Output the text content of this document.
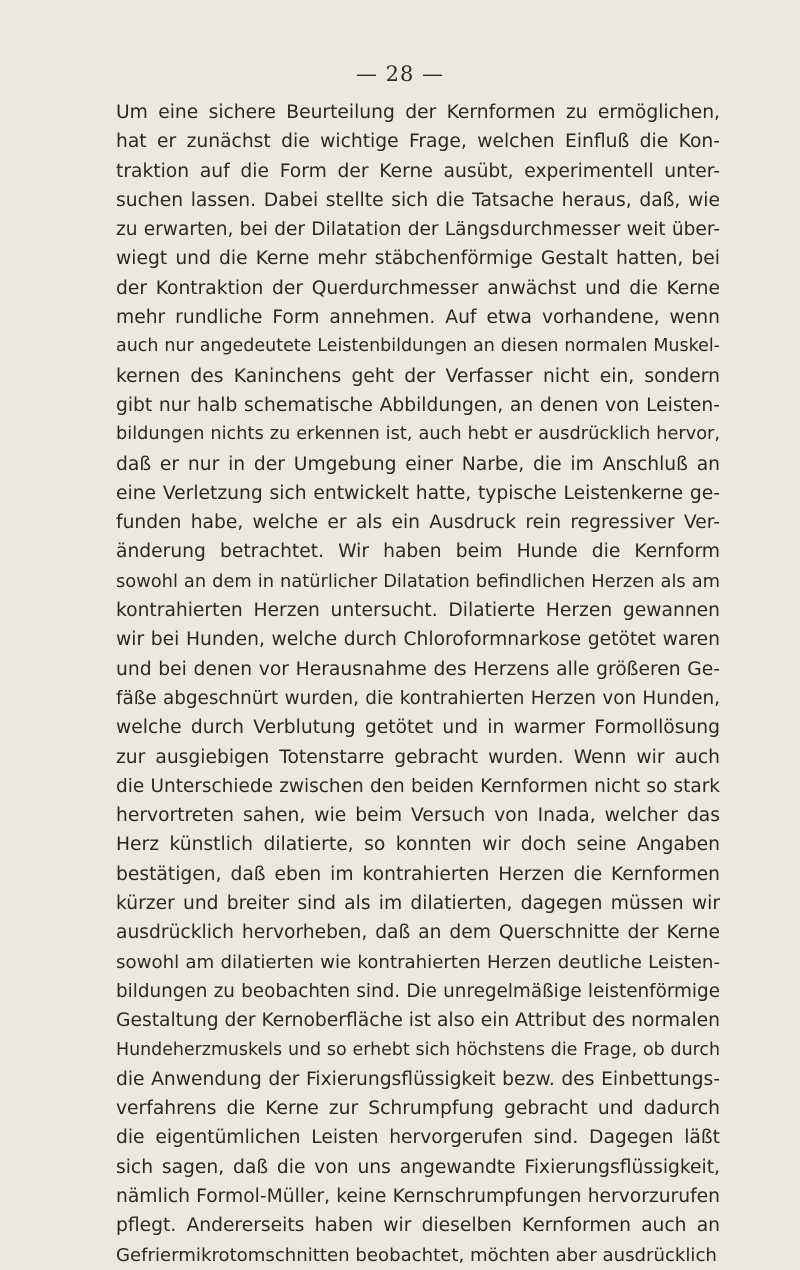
— 28 —
Um eine sichere Beurteilung der Kernformen zu ermöglichen,
hat er zunächst die wichtige Frage, welchen Einfluß die Kon-
traktion auf die Form der Kerne ausübt, experimentell unter-
suchen lassen. Dabei stellte sich die Tatsache heraus, daß, wie
zu erwarten, bei der Dilatation der Längsdurchmesser weit über-
wiegt und die Kerne mehr stäbchenförmige Gestalt hatten, bei
der Kontraktion der Querdurchmesser anwächst und die Kerne
mehr rundliche Form annehmen. Auf etwa vorhandene, wenn
auch nur angedeutete Leistenbildungen an diesen normalen Muskel-
kernen des Kaninchens geht der Verfasser nicht ein, sondern
gibt nur halb schematische Abbildungen, an denen von Leisten-
bildungen nichts zu erkennen ist, auch hebt er ausdrücklich hervor,
daß er nur in der Umgebung einer Narbe, die im Anschluß an
eine Verletzung sich entwickelt hatte, typische Leistenkerne ge-
funden habe, welche er als ein Ausdruck rein regressiver Ver-
änderung betrachtet. Wir haben beim Hunde die Kernform
sowohl an dem in natürlicher Dilatation befindlichen Herzen als am
kontrahierten Herzen untersucht. Dilatierte Herzen gewannen
wir bei Hunden, welche durch Chloroformnarkose getötet waren
und bei denen vor Herausnahme des Herzens alle größeren Ge-
fäße abgeschnürt wurden, die kontrahierten Herzen von Hunden,
welche durch Verblutung getötet und in warmer Formollösung
zur ausgiebigen Totenstarre gebracht wurden. Wenn wir auch
die Unterschiede zwischen den beiden Kernformen nicht so stark
hervortreten sahen, wie beim Versuch von Inada, welcher das
Herz künstlich dilatierte, so konnten wir doch seine Angaben
bestätigen, daß eben im kontrahierten Herzen die Kernformen
kürzer und breiter sind als im dilatierten, dagegen müssen wir
ausdrücklich hervorheben, daß an dem Querschnitte der Kerne
sowohl am dilatierten wie kontrahierten Herzen deutliche Leisten-
bildungen zu beobachten sind. Die unregelmäßige leistenförmige
Gestaltung der Kernoberfläche ist also ein Attribut des normalen
Hundeherzmuskels und so erhebt sich höchstens die Frage, ob durch
die Anwendung der Fixierungsflüssigkeit bezw. des Einbettungs-
verfahrens die Kerne zur Schrumpfung gebracht und dadurch
die eigentümlichen Leisten hervorgerufen sind. Dagegen läßt
sich sagen, daß die von uns angewandte Fixierungsflüssigkeit,
nämlich Formol-Müller, keine Kernschrumpfungen hervorzurufen
pflegt. Andererseits haben wir dieselben Kernformen auch an
Gefriermikrotomschnitten beobachtet, möchten aber ausdrücklich
